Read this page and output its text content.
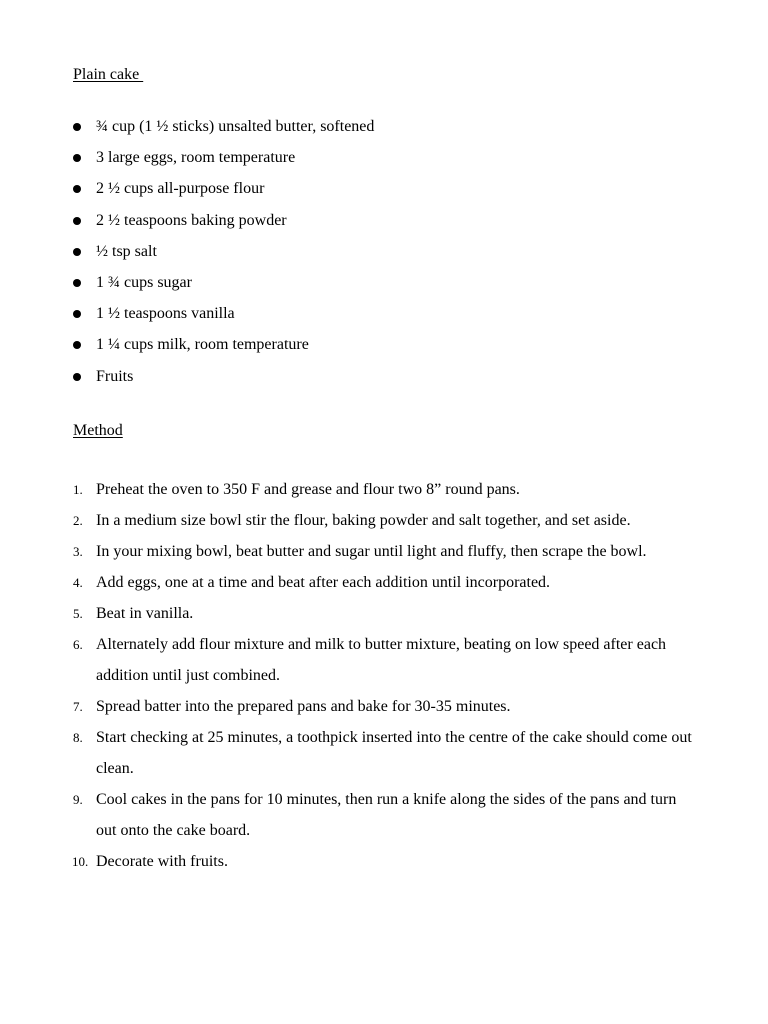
Plain cake
¾ cup (1 ½ sticks) unsalted butter, softened
3 large eggs, room temperature
2 ½ cups all-purpose flour
2 ½ teaspoons baking powder
½ tsp salt
1 ¾ cups sugar
1 ½ teaspoons vanilla
1 ¼ cups milk, room temperature
Fruits
Method
1. Preheat the oven to 350 F and grease and flour two 8” round pans.
2. In a medium size bowl stir the flour, baking powder and salt together, and set aside.
3. In your mixing bowl, beat butter and sugar until light and fluffy, then scrape the bowl.
4. Add eggs, one at a time and beat after each addition until incorporated.
5. Beat in vanilla.
6. Alternately add flour mixture and milk to butter mixture, beating on low speed after each addition until just combined.
7. Spread batter into the prepared pans and bake for 30-35 minutes.
8. Start checking at 25 minutes, a toothpick inserted into the centre of the cake should come out clean.
9. Cool cakes in the pans for 10 minutes, then run a knife along the sides of the pans and turn out onto the cake board.
10. Decorate with fruits.
